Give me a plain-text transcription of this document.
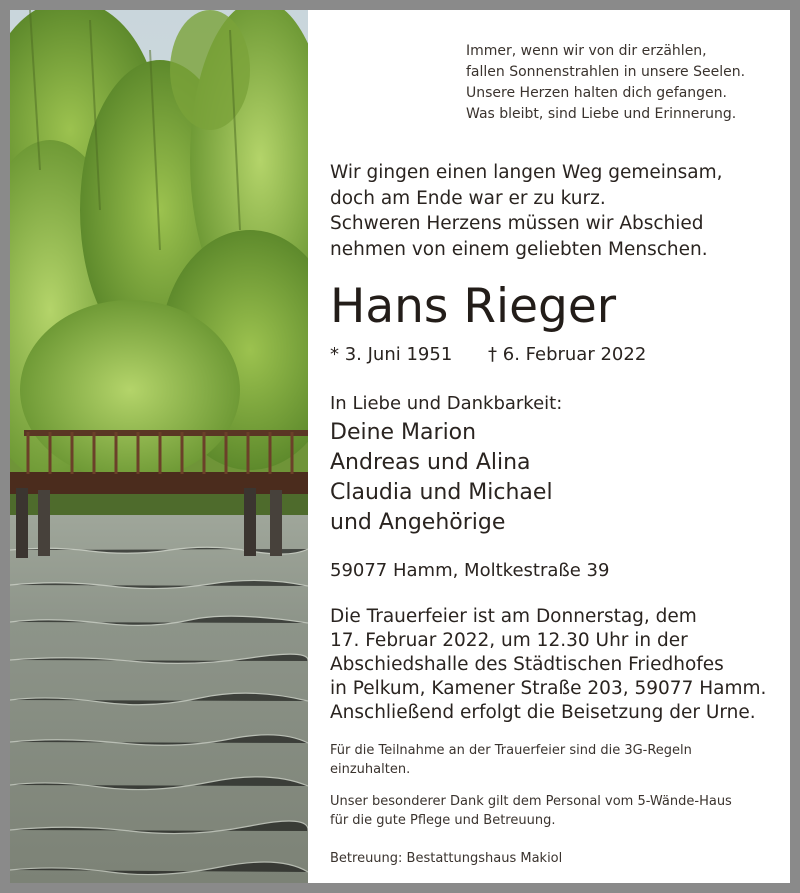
Immer, wenn wir von dir erzählen,
fallen Sonnenstrahlen in unsere Seelen.
Unsere Herzen halten dich gefangen.
Was bleibt, sind Liebe und Erinnerung.
Wir gingen einen langen Weg gemeinsam,
doch am Ende war er zu kurz.
Schweren Herzens müssen wir Abschied
nehmen von einem geliebten Menschen.
Hans Rieger
* 3. Juni 1951 † 6. Februar 2022
In Liebe und Dankbarkeit:
Deine Marion
Andreas und Alina
Claudia und Michael
und Angehörige
59077 Hamm, Moltkestraße 39
Die Trauerfeier ist am Donnerstag, dem
17. Februar 2022, um 12.30 Uhr in der
Abschiedshalle des Städtischen Friedhofes
in Pelkum, Kamener Straße 203, 59077 Hamm.
Anschließend erfolgt die Beisetzung der Urne.
Für die Teilnahme an der Trauerfeier sind die 3G-Regeln
einzuhalten.
Unser besonderer Dank gilt dem Personal vom 5-Wände-Haus
für die gute Pflege und Betreuung.
Betreuung: Bestattungshaus Makiol
